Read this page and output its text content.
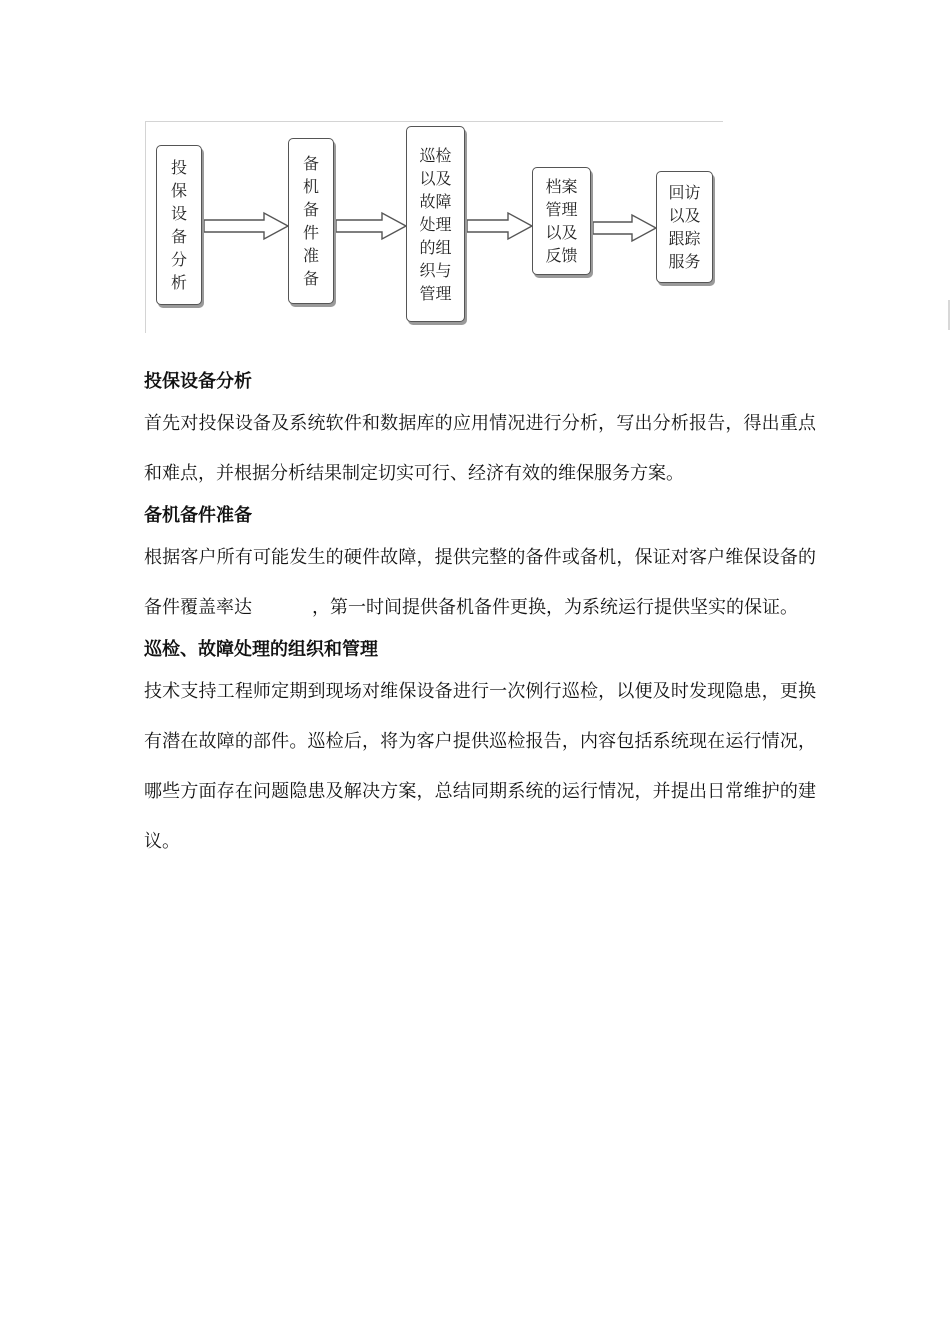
投保设备分析
备机备件准备
巡检以及故障处理的组织与管理
档案管理以及反馈
回访以及跟踪服务
投保设备分析

首先对投保设备及系统软件和数据库的应用情况进行分析，写出分析报告，得出重点和难点，并根据分析结果制定切实可行、经济有效的维保服务方案。

备机备件准备

根据客户所有可能发生的硬件故障，提供完整的备件或备机，保证对客户维保设备的备件覆盖率达	，第一时间提供备机备件更换，为系统运行提供坚实的保证。

巡检、故障处理的组织和管理

技术支持工程师定期到现场对维保设备进行一次例行巡检，以便及时发现隐患，更换有潜在故障的部件。巡检后，将为客户提供巡检报告，内容包括系统现在运行情况，哪些方面存在问题隐患及解决方案，总结同期系统的运行情况，并提出日常维护的建议。
